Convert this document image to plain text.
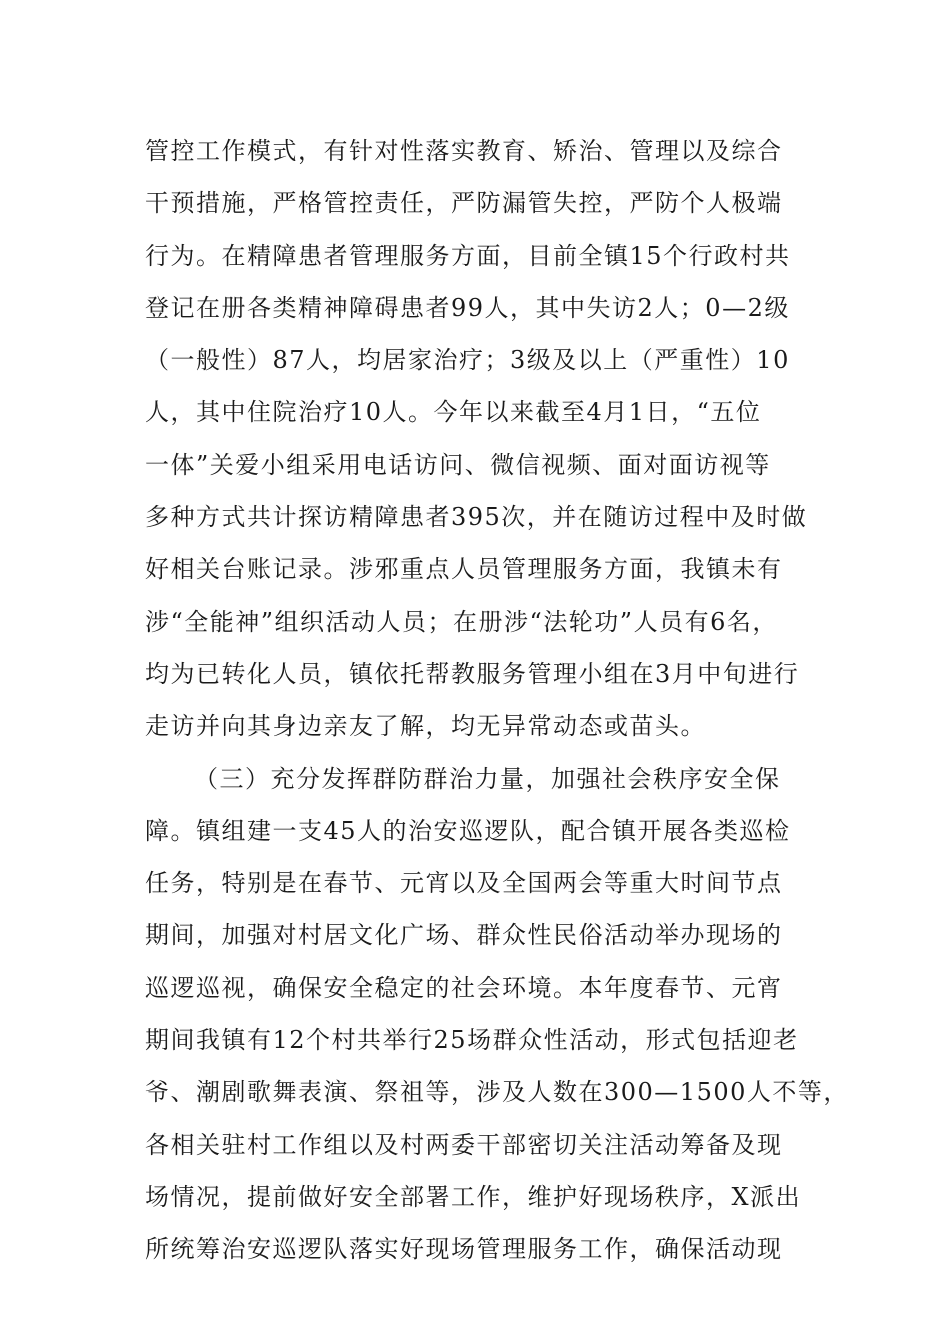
管控工作模式，有针对性落实教育、矫治、管理以及综合
干预措施，严格管控责任，严防漏管失控，严防个人极端
行为。在精障患者管理服务方面，目前全镇15个行政村共
登记在册各类精神障碍患者99人，其中失访2人；0—2级
（一般性）87人，均居家治疗；3级及以上（严重性）10
人，其中住院治疗10人。今年以来截至4月1日，“五位
一体”关爱小组采用电话访问、微信视频、面对面访视等
多种方式共计探访精障患者395次，并在随访过程中及时做
好相关台账记录。涉邪重点人员管理服务方面，我镇未有
涉“全能神”组织活动人员；在册涉“法轮功”人员有6名，
均为已转化人员，镇依托帮教服务管理小组在3月中旬进行
走访并向其身边亲友了解，均无异常动态或苗头。
（三）充分发挥群防群治力量，加强社会秩序安全保
障。镇组建一支45人的治安巡逻队，配合镇开展各类巡检
任务，特别是在春节、元宵以及全国两会等重大时间节点
期间，加强对村居文化广场、群众性民俗活动举办现场的
巡逻巡视，确保安全稳定的社会环境。本年度春节、元宵
期间我镇有12个村共举行25场群众性活动，形式包括迎老
爷、潮剧歌舞表演、祭祖等，涉及人数在300—1500人不等，
各相关驻村工作组以及村两委干部密切关注活动筹备及现
场情况，提前做好安全部署工作，维护好现场秩序，X派出
所统筹治安巡逻队落实好现场管理服务工作，确保活动现
